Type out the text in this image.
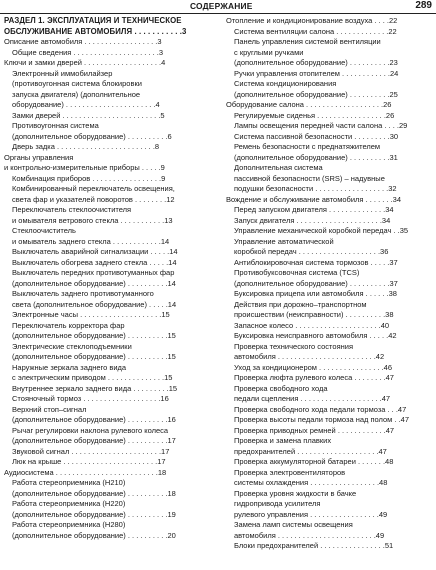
СОДЕРЖАНИЕ	289
РАЗДЕЛ 1. ЭКСПЛУАТАЦИЯ И ТЕХНИЧЕСКОЕ
ОБСЛУЖИВАНИЕ АВТОМОБИЛЯ . . . . . . . . . . .3
Описание автомобиля . . . . . . . . . . . . . . . . . .3
Общие сведения . . . . . . . . . . . . . . . . . . . . .3
Ключи и замки дверей . . . . . . . . . . . . . . . . . . .4
Электронный иммобилайзер
(противоугонная система блокировки
запуска двигателя) (дополнительное
оборудование) . . . . . . . . . . . . . . . . . . . . . .4
Замки дверей . . . . . . . . . . . . . . . . . . . . . . . .5
Противоугонная система
(дополнительное оборудование) . . . . . . . . . .6
Дверь задка . . . . . . . . . . . . . . . . . . . . . . . .8
Органы управления
и контрольно-измерительные приборы . . . . .9
Комбинация приборов . . . . . . . . . . . . . . . . .9
Комбинированный переключатель освещения,
света фар и указателей поворотов . . . . . . . .12
Переключатель стеклоочистителя
и омывателя ветрового стекла . . . . . . . . . . .13
Стеклоочиститель
и омыватель заднего стекла . . . . . . . . . . . .14
Выключатель аварийной сигнализации . . . . .14
Выключатель обогрева заднего стекла . . . . .14
Выключатель передних противотуманных фар
(дополнительное оборудование) . . . . . . . . . .14
Выключатель заднего противотуманного
света (дополнительное оборудование) . . . . .14
Электронные часы . . . . . . . . . . . . . . . . . . . .15
Переключатель корректора фар
(дополнительное оборудование) . . . . . . . . . .15
Электрические стеклоподъемники
(дополнительное оборудование) . . . . . . . . . .15
Наружные зеркала заднего вида
с электрическим приводом . . . . . . . . . . . . . .15
Внутреннее зеркало заднего вида . . . . . . . . .15
Стояночный тормоз . . . . . . . . . . . . . . . . . . .16
Верхний стоп–сигнал
(дополнительное оборудование) . . . . . . . . . .16
Рычаг регулировки наклона рулевого колеса
(дополнительное оборудование) . . . . . . . . . .17
Звуковой сигнал . . . . . . . . . . . . . . . . . . . . . .17
Люк на крыше . . . . . . . . . . . . . . . . . . . . . . .17
Аудиосистема . . . . . . . . . . . . . . . . . . . . . . . . .18
Работа стереоприемника (Н210)
(дополнительное оборудование) . . . . . . . . . .18
Работа стереоприемника (Н220)
(дополнительное оборудование) . . . . . . . . . .19
Работа стереоприемника (Н280)
(дополнительное оборудование) . . . . . . . . . .20
Отопление и кондиционирование воздуха . . . .22
Система вентиляции салона . . . . . . . . . . . . .22
Панель управления системой вентиляции
с круглыми ручками
(дополнительное оборудование) . . . . . . . . . .23
Ручки управления отопителем . . . . . . . . . . . .24
Система кондиционирования
(дополнительное оборудование) . . . . . . . . . .25
Оборудование салона . . . . . . . . . . . . . . . . . . .26
Регулируемые сиденья . . . . . . . . . . . . . . . . .26
Лампы освещения передней части салона . . . .29
Система пассивной безопасности . . . . . . . . .30
Ремень безопасности с преднатяжителем
(дополнительное оборудование) . . . . . . . . . .31
Дополнительная система
пассивной безопасности (SRS) – надувные
подушки безопасности . . . . . . . . . . . . . . . . . .32
Вождение и обслуживание автомобиля . . . . . . .34
Перед запуском двигателя . . . . . . . . . . . . . .34
Запуск двигателя . . . . . . . . . . . . . . . . . . . . .34
Управление механической коробкой передач . .35
Управление автоматической
коробкой передач . . . . . . . . . . . . . . . . . . . .36
Антиблокировочная система тормозов . . . . .37
Противобуксовочная система (TCS)
(дополнительное оборудование) . . . . . . . . . .37
Буксировка прицепа или автомобиля . . . . . .38
Действия при дорожно–транспортном
происшествии (неисправности) . . . . . . . . . .38
Запасное колесо . . . . . . . . . . . . . . . . . . . . .40
Буксировка неисправного автомобиля . . . . .42
Проверка технического состояния
автомобиля . . . . . . . . . . . . . . . . . . . . . . . .42
Уход за кондиционером . . . . . . . . . . . . . . . .46
Проверка люфта рулевого колеса . . . . . . . .47
Проверка свободного хода
педали сцепления . . . . . . . . . . . . . . . . . . . .47
Проверка свободного хода педали тормоза . . .47
Проверка высоты педали тормоза над полом . .47
Проверка приводных ремней . . . . . . . . . . . .47
Проверка и замена плавких
предохранителей . . . . . . . . . . . . . . . . . . . .47
Проверка аккумуляторной батареи . . . . . . .48
Проверка электровентиляторов
системы охлаждения . . . . . . . . . . . . . . . . .48
Проверка уровня жидкости в бачке
гидропривода усилителя
рулевого управления . . . . . . . . . . . . . . . . .49
Замена ламп системы освещения
автомобиля . . . . . . . . . . . . . . . . . . . . . . . .49
Блоки предохранителей . . . . . . . . . . . . . . . .51
